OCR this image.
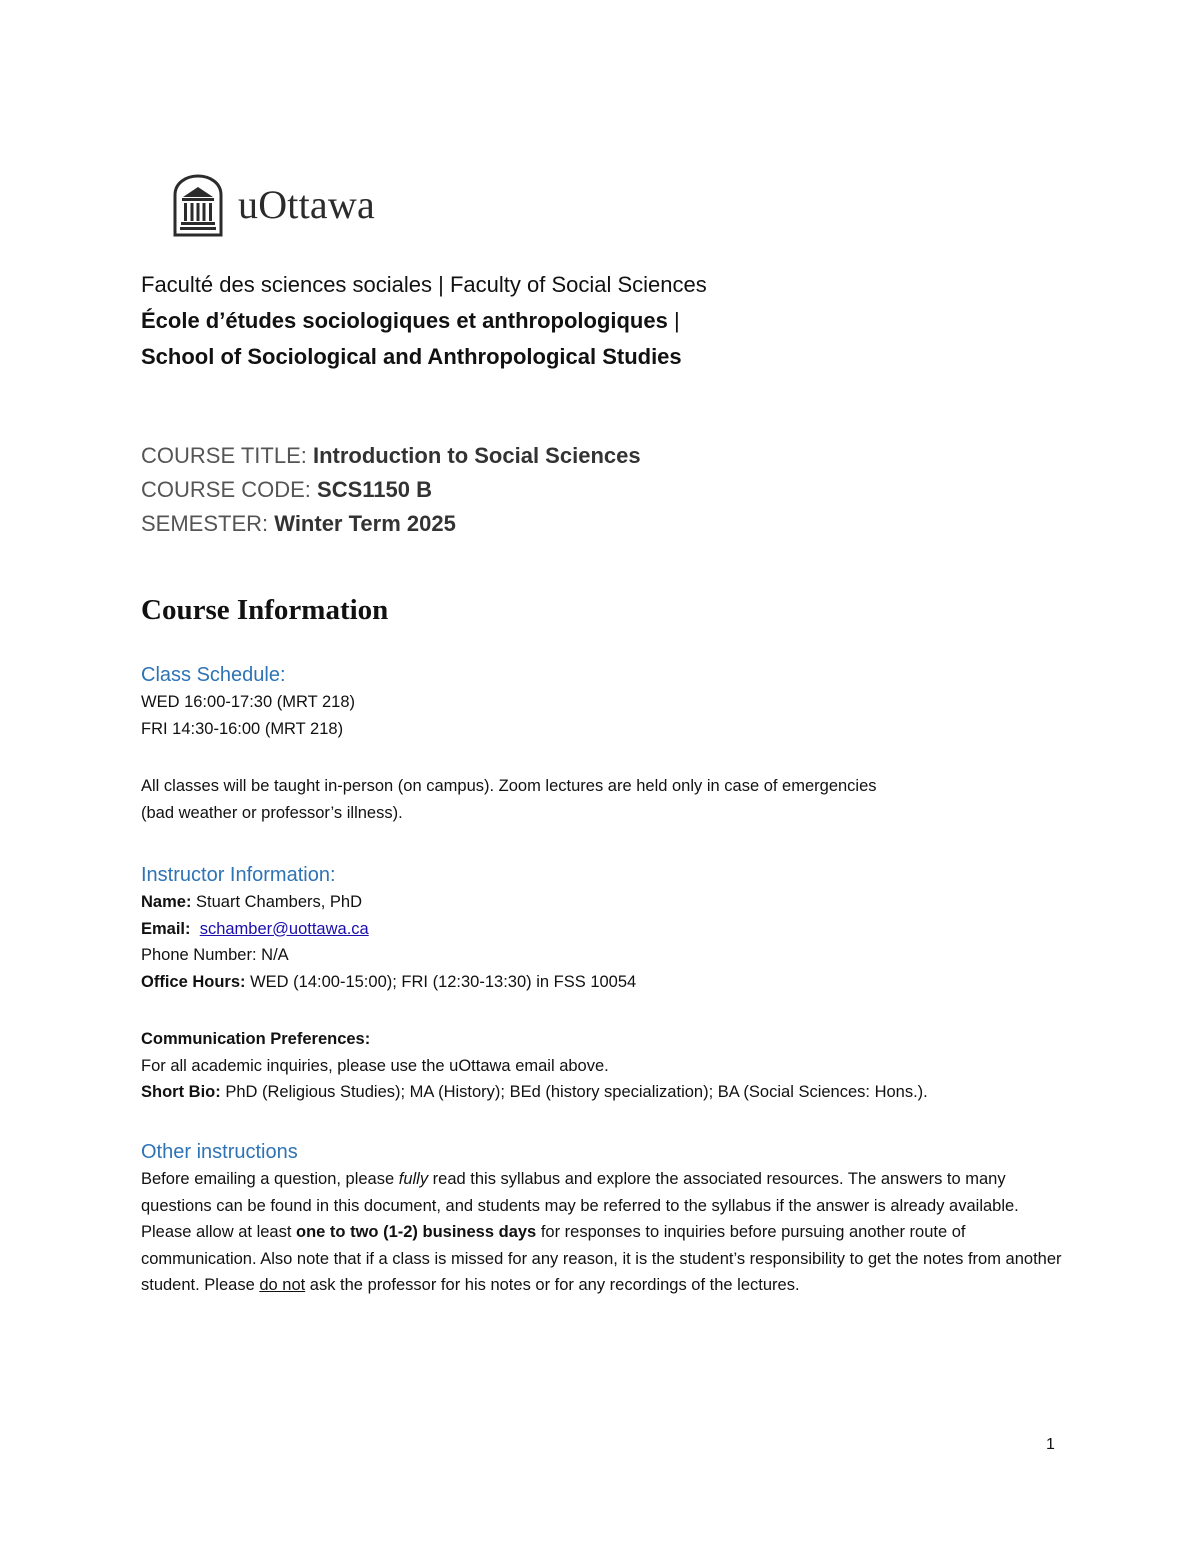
uOttawa
Faculté des sciences sociales | Faculty of Social Sciences
École d’études sociologiques et anthropologiques |
School of Sociological and Anthropological Studies
COURSE TITLE: Introduction to Social Sciences
COURSE CODE: SCS1150 B
SEMESTER: Winter Term 2025
Course Information
Class Schedule:
WED 16:00-17:30 (MRT 218)
FRI 14:30-16:00 (MRT 218)
All classes will be taught in-person (on campus). Zoom lectures are held only in case of emergencies
(bad weather or professor’s illness).
Instructor Information:
Name: Stuart Chambers, PhD
Email: schamber@uottawa.ca
Phone Number: N/A
Office Hours: WED (14:00-15:00); FRI (12:30-13:30) in FSS 10054
Communication Preferences:
For all academic inquiries, please use the uOttawa email above.
Short Bio: PhD (Religious Studies); MA (History); BEd (history specialization); BA (Social Sciences: Hons.).
Other instructions
Before emailing a question, please fully read this syllabus and explore the associated resources. The answers to many questions can be found in this document, and students may be referred to the syllabus if the answer is already available. Please allow at least one to two (1-2) business days for responses to inquiries before pursuing another route of communication. Also note that if a class is missed for any reason, it is the student’s responsibility to get the notes from another student. Please do not ask the professor for his notes or for any recordings of the lectures.
1
